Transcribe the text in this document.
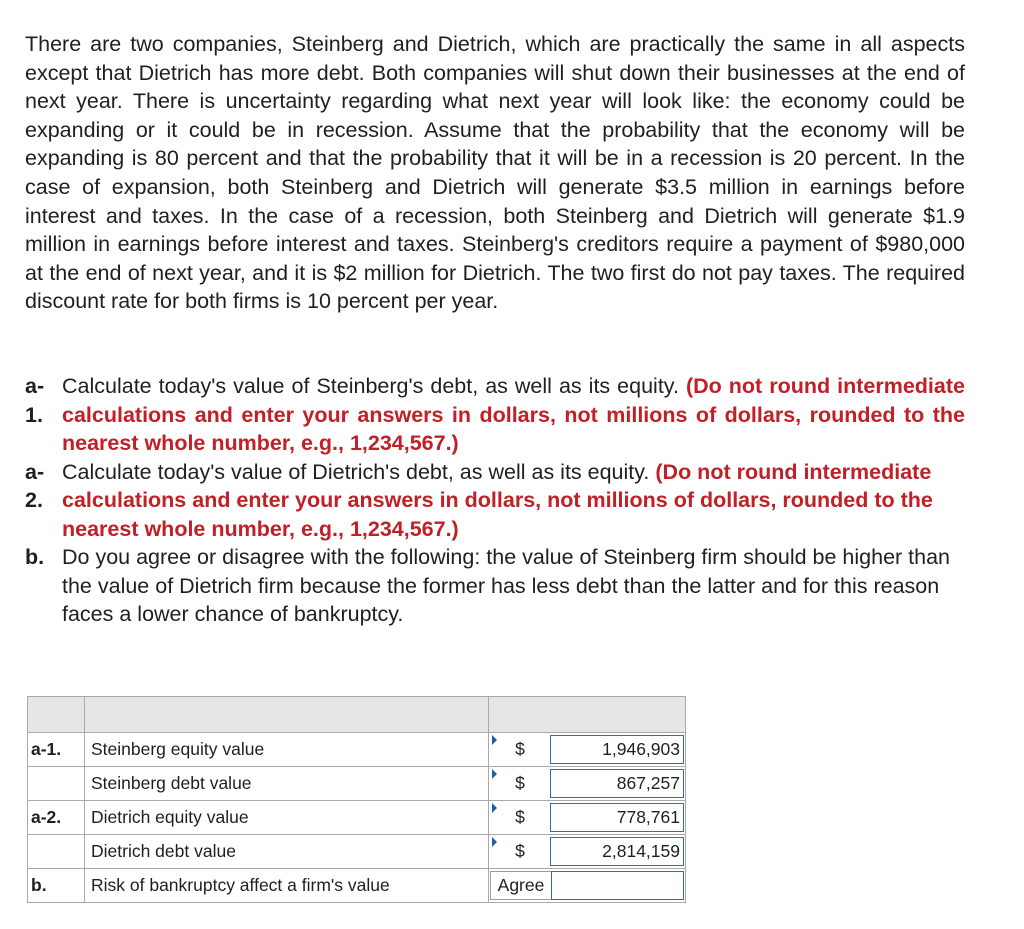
There are two companies, Steinberg and Dietrich, which are practically the same in all aspects except that Dietrich has more debt. Both companies will shut down their businesses at the end of next year. There is uncertainty regarding what next year will look like: the economy could be expanding or it could be in recession. Assume that the probability that the economy will be expanding is 80 percent and that the probability that it will be in a recession is 20 percent. In the case of expansion, both Steinberg and Dietrich will generate $3.5 million in earnings before interest and taxes. In the case of a recession, both Steinberg and Dietrich will generate $1.9 million in earnings before interest and taxes. Steinberg's creditors require a payment of $980,000 at the end of next year, and it is $2 million for Dietrich. The two first do not pay taxes. The required discount rate for both firms is 10 percent per year.

a-
1.
Calculate today's value of Steinberg's debt, as well as its equity. (Do not round intermediate calculations and enter your answers in dollars, not millions of dollars, rounded to the nearest whole number, e.g., 1,234,567.)
a-
2.
Calculate today's value of Dietrich's debt, as well as its equity. (Do not round intermediate calculations and enter your answers in dollars, not millions of dollars, rounded to the nearest whole number, e.g., 1,234,567.)
b. Do you agree or disagree with the following: the value of Steinberg firm should be higher than the value of Dietrich firm because the former has less debt than the latter and for this reason faces a lower chance of bankruptcy.

a-1.	Steinberg equity value	$ 1,946,903

	Steinberg debt value	$ 867,257

a-2.	Dietrich equity value	$ 778,761

	Dietrich debt value	$ 2,814,159

b.	Risk of bankruptcy affect a firm's value	Agree
